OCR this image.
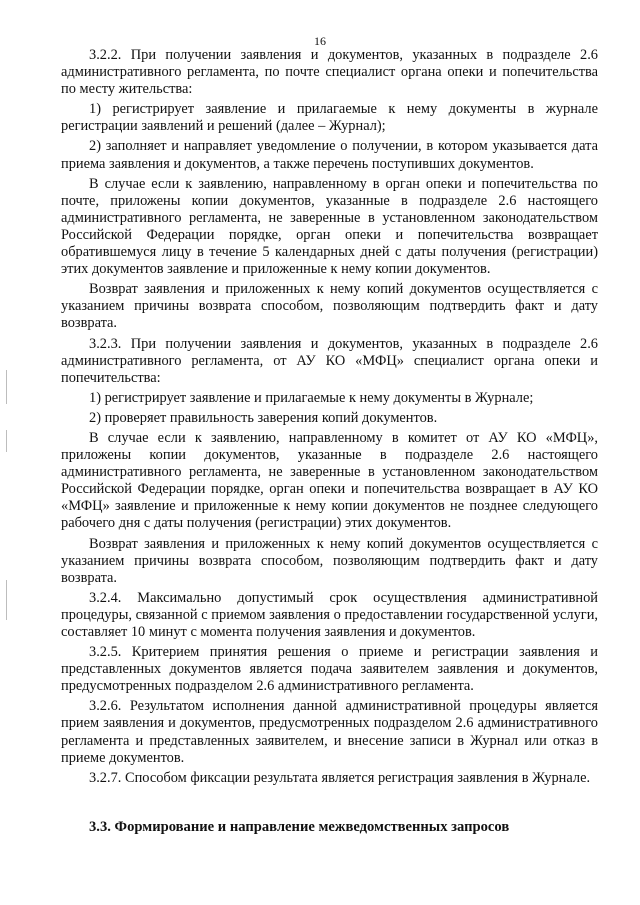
16

3.2.2. При получении заявления и документов, указанных в подразделе 2.6 административного регламента, по почте специалист органа опеки и попечительства по месту жительства:

1) регистрирует заявление и прилагаемые к нему документы в журнале регистрации заявлений и решений (далее – Журнал);

2) заполняет и направляет уведомление о получении, в котором указывается дата приема заявления и документов, а также перечень поступивших документов.

В случае если к заявлению, направленному в орган опеки и попечительства по почте, приложены копии документов, указанные в подразделе 2.6 настоящего административного регламента, не заверенные в установленном законодательством Российской Федерации порядке, орган опеки и попечительства возвращает обратившемуся лицу в течение 5 календарных дней с даты получения (регистрации) этих документов заявление и приложенные к нему копии документов.

Возврат заявления и приложенных к нему копий документов осуществляется с указанием причины возврата способом, позволяющим подтвердить факт и дату возврата.

3.2.3. При получении заявления и документов, указанных в подразделе 2.6 административного регламента, от АУ КО «МФЦ» специалист органа опеки и попечительства:

1) регистрирует заявление и прилагаемые к нему документы в Журнале;

2) проверяет правильность заверения копий документов.

В случае если к заявлению, направленному в комитет от АУ КО «МФЦ», приложены копии документов, указанные в подразделе 2.6 настоящего административного регламента, не заверенные в установленном законодательством Российской Федерации порядке, орган опеки и попечительства возвращает в АУ КО «МФЦ» заявление и приложенные к нему копии документов не позднее следующего рабочего дня с даты получения (регистрации) этих документов.

Возврат заявления и приложенных к нему копий документов осуществляется с указанием причины возврата способом, позволяющим подтвердить факт и дату возврата.

3.2.4. Максимально допустимый срок осуществления административной процедуры, связанной с приемом заявления о предоставлении государственной услуги, составляет 10 минут с момента получения заявления и документов.

3.2.5. Критерием принятия решения о приеме и регистрации заявления и представленных документов является подача заявителем заявления и документов, предусмотренных подразделом 2.6 административного регламента.

3.2.6. Результатом исполнения данной административной процедуры является прием заявления и документов, предусмотренных подразделом 2.6 административного регламента и представленных заявителем, и внесение записи в Журнал или отказ в приеме документов.

3.2.7. Способом фиксации результата является регистрация заявления в Журнале.

3.3. Формирование и направление межведомственных запросов
